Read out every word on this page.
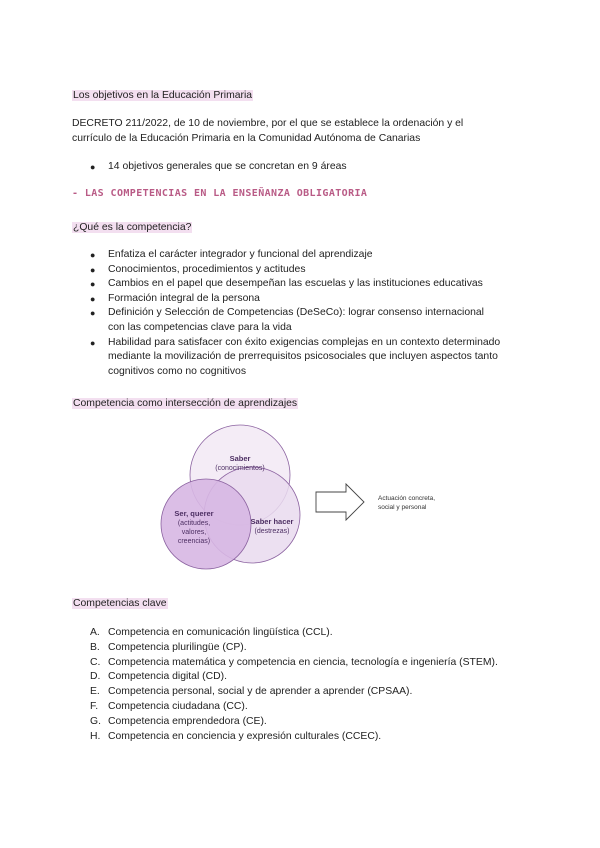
Los objetivos en la Educación Primaria
DECRETO 211/2022, de 10 de noviembre, por el que se establece la ordenación y el
currículo de la Educación Primaria en la Comunidad Autónoma de Canarias
● 14 objetivos generales que se concretan en 9 áreas
- LAS COMPETENCIAS EN LA ENSEÑANZA OBLIGATORIA
¿Qué es la competencia?
● Enfatiza el carácter integrador y funcional del aprendizaje
● Conocimientos, procedimientos y actitudes
● Cambios en el papel que desempeñan las escuelas y las instituciones educativas
● Formación integral de la persona
● Definición y Selección de Competencias (DeSeCo): lograr consenso internacional
con las competencias clave para la vida
● Habilidad para satisfacer con éxito exigencias complejas en un contexto determinado
mediante la movilización de prerrequisitos psicosociales que incluyen aspectos tanto
cognitivos como no cognitivos
Competencia como intersección de aprendizajes
Saber
(conocimientos)
Ser, querer
(actitudes,
valores,
creencias)
Saber hacer
(destrezas)
Actuación concreta,
social y personal
Competencias clave
A. Competencia en comunicación lingüística (CCL).
B. Competencia plurilingüe (CP).
C. Competencia matemática y competencia en ciencia, tecnología e ingeniería (STEM).
D. Competencia digital (CD).
E. Competencia personal, social y de aprender a aprender (CPSAA).
F. Competencia ciudadana (CC).
G. Competencia emprendedora (CE).
H. Competencia en conciencia y expresión culturales (CCEC).
